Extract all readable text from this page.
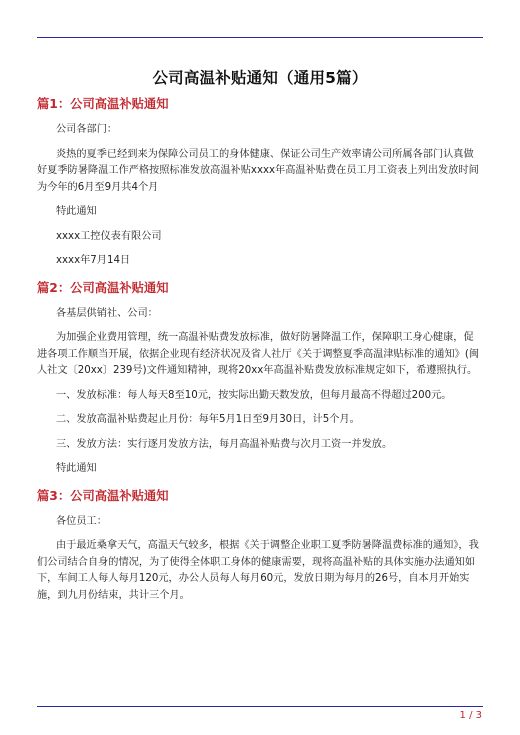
公司高温补贴通知（通用5篇）
篇1：公司高温补贴通知
公司各部门：
炎热的夏季已经到来为保障公司员工的身体健康、保证公司生产效率请公司所属各部门认真做好夏季防暑降温工作严格按照标准发放高温补贴xxxx年高温补贴费在员工月工资表上列出发放时间为今年的6月至9月共4个月
特此通知
xxxx工控仪表有限公司
xxxx年7月14日
篇2：公司高温补贴通知
各基层供销社、公司：
为加强企业费用管理，统一高温补贴费发放标准，做好防暑降温工作，保障职工身心健康，促进各项工作顺当开展，依据企业现有经济状况及省人社厅《关于调整夏季高温津贴标准的通知》(闽人社文〔20xx〕239号)文件通知精神，现将20xx年高温补贴费发放标准规定如下，希遵照执行。
一、发放标准：每人每天8至10元，按实际出勤天数发放，但每月最高不得超过200元。
二、发放高温补贴费起止月份：每年5月1日至9月30日，计5个月。
三、发放方法：实行逐月发放方法，每月高温补贴费与次月工资一并发放。
特此通知
篇3：公司高温补贴通知
各位员工：
由于最近桑拿天气，高温天气较多，根据《关于调整企业职工夏季防暑降温费标准的通知》，我们公司结合自身的情况，为了使得全体职工身体的健康需要，现将高温补贴的具体实施办法通知如下，车间工人每人每月120元，办公人员每人每月60元，发放日期为每月的26号，自本月开始实施，到九月份结束，共计三个月。
1 / 3
